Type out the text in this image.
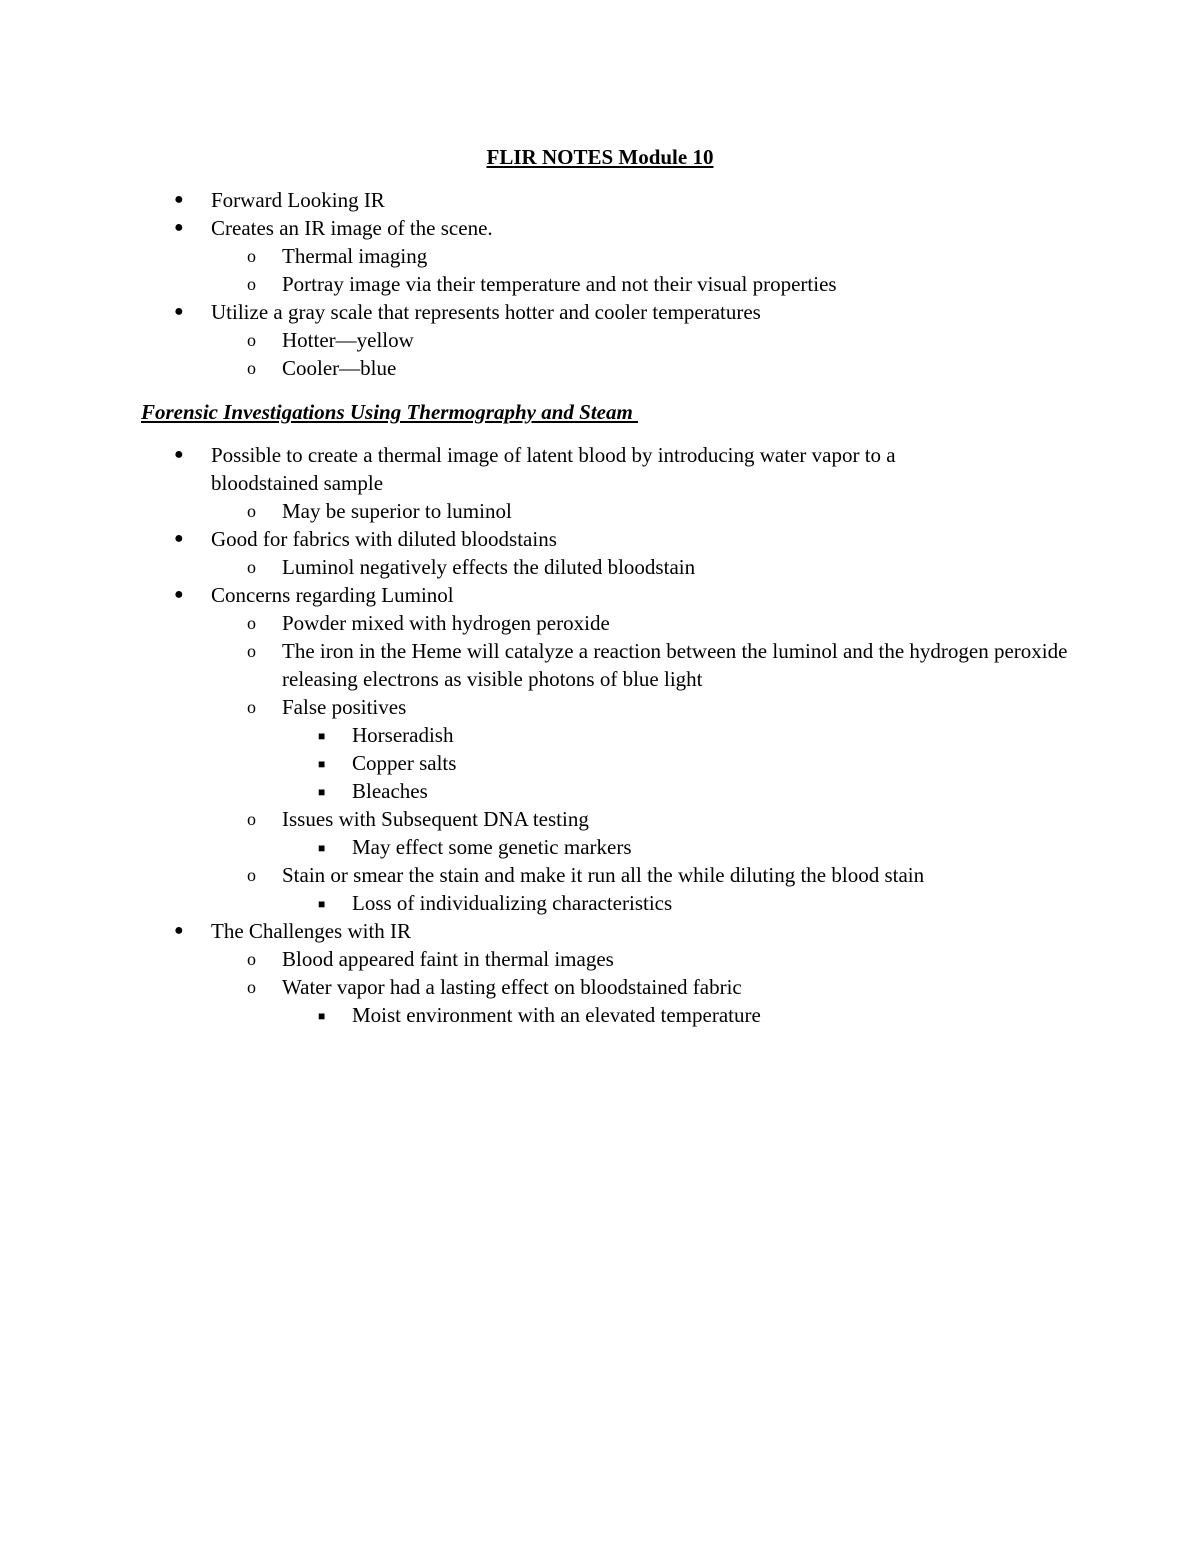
FLIR NOTES Module 10
● Forward Looking IR
● Creates an IR image of the scene.
o Thermal imaging
o Portray image via their temperature and not their visual properties
● Utilize a gray scale that represents hotter and cooler temperatures
o Hotter—yellow
o Cooler—blue
Forensic Investigations Using Thermography and Steam
● Possible to create a thermal image of latent blood by introducing water vapor to a bloodstained sample
o May be superior to luminol
● Good for fabrics with diluted bloodstains
o Luminol negatively effects the diluted bloodstain
● Concerns regarding Luminol
o Powder mixed with hydrogen peroxide
o The iron in the Heme will catalyze a reaction between the luminol and the hydrogen peroxide releasing electrons as visible photons of blue light
o False positives
■ Horseradish
■ Copper salts
■ Bleaches
o Issues with Subsequent DNA testing
■ May effect some genetic markers
o Stain or smear the stain and make it run all the while diluting the blood stain
■ Loss of individualizing characteristics
● The Challenges with IR
o Blood appeared faint in thermal images
o Water vapor had a lasting effect on bloodstained fabric
■ Moist environment with an elevated temperature
